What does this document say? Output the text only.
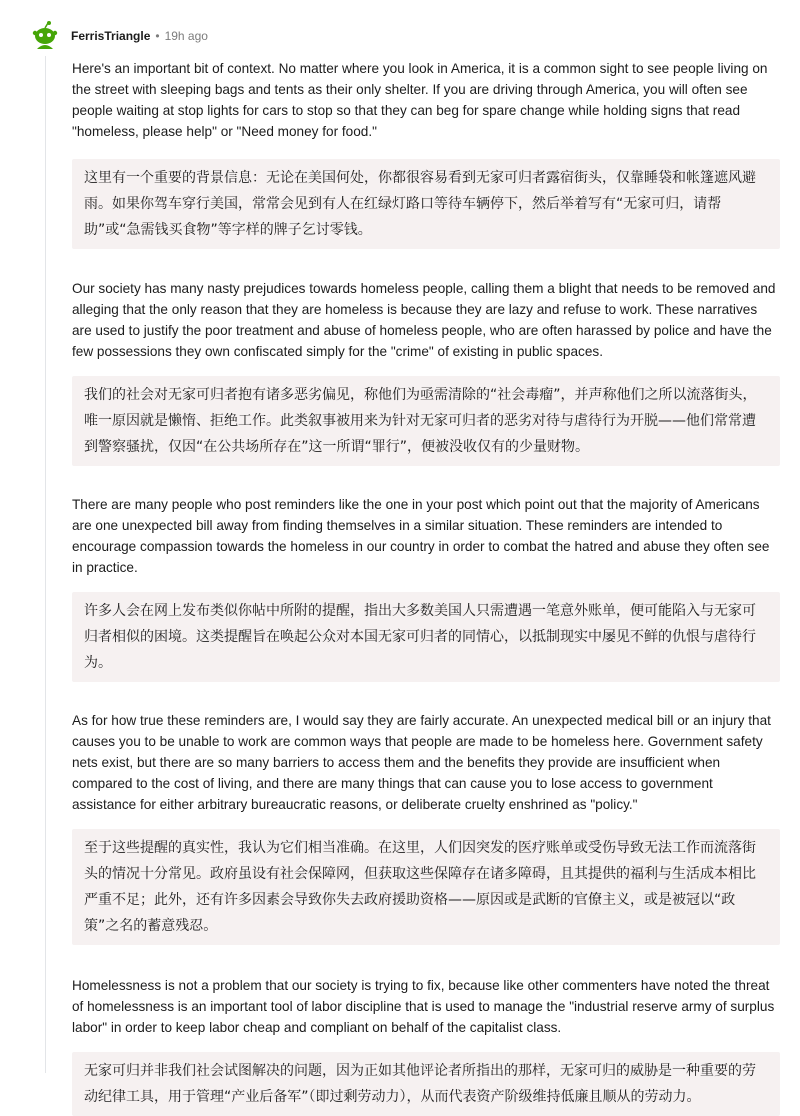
FerrisTriangle • 19h ago

Here's an important bit of context. No matter where you look in America, it is a common sight to see people living on the street with sleeping bags and tents as their only shelter. If you are driving through America, you will often see people waiting at stop lights for cars to stop so that they can beg for spare change while holding signs that read "homeless, please help" or "Need money for food."

这里有一个重要的背景信息：无论在美国何处，你都很容易看到无家可归者露宿街头，仅靠睡袋和帐篷遮风避雨。如果你驾车穿行美国，常常会见到有人在红绿灯路口等待车辆停下，然后举着写有“无家可归，请帮助”或“急需钱买食物”等字样的牌子乞讨零钱。

Our society has many nasty prejudices towards homeless people, calling them a blight that needs to be removed and alleging that the only reason that they are homeless is because they are lazy and refuse to work. These narratives are used to justify the poor treatment and abuse of homeless people, who are often harassed by police and have the few possessions they own confiscated simply for the "crime" of existing in public spaces.

我们的社会对无家可归者抱有诸多恶劣偏见，称他们为亟需清除的“社会毒瘤”，并声称他们之所以流落街头，唯一原因就是懒惰、拒绝工作。此类叙事被用来为针对无家可归者的恶劣对待与虐待行为开脱——他们常常遭到警察骚扰，仅因“在公共场所存在”这一所谓“罪行”，便被没收仅有的少量财物。

There are many people who post reminders like the one in your post which point out that the majority of Americans are one unexpected bill away from finding themselves in a similar situation. These reminders are intended to encourage compassion towards the homeless in our country in order to combat the hatred and abuse they often see in practice.

许多人会在网上发布类似你帖中所附的提醒，指出大多数美国人只需遭遇一笔意外账单，便可能陷入与无家可归者相似的困境。这类提醒旨在唤起公众对本国无家可归者的同情心，以抵制现实中屡见不鲜的仇恨与虐待行为。

As for how true these reminders are, I would say they are fairly accurate. An unexpected medical bill or an injury that causes you to be unable to work are common ways that people are made to be homeless here. Government safety nets exist, but there are so many barriers to access them and the benefits they provide are insufficient when compared to the cost of living, and there are many things that can cause you to lose access to government assistance for either arbitrary bureaucratic reasons, or deliberate cruelty enshrined as "policy."

至于这些提醒的真实性，我认为它们相当准确。在这里，人们因突发的医疗账单或受伤导致无法工作而流落街头的情况十分常见。政府虽设有社会保障网，但获取这些保障存在诸多障碍，且其提供的福利与生活成本相比严重不足；此外，还有许多因素会导致你失去政府援助资格——原因或是武断的官僚主义，或是被冠以“政策”之名的蓄意残忍。

Homelessness is not a problem that our society is trying to fix, because like other commenters have noted the threat of homelessness is an important tool of labor discipline that is used to manage the "industrial reserve army of surplus labor" in order to keep labor cheap and compliant on behalf of the capitalist class.

无家可归并非我们社会试图解决的问题，因为正如其他评论者所指出的那样，无家可归的威胁是一种重要的劳动纪律工具，用于管理“产业后备军”（即过剩劳动力），从而代表资产阶级维持低廉且顺从的劳动力。
